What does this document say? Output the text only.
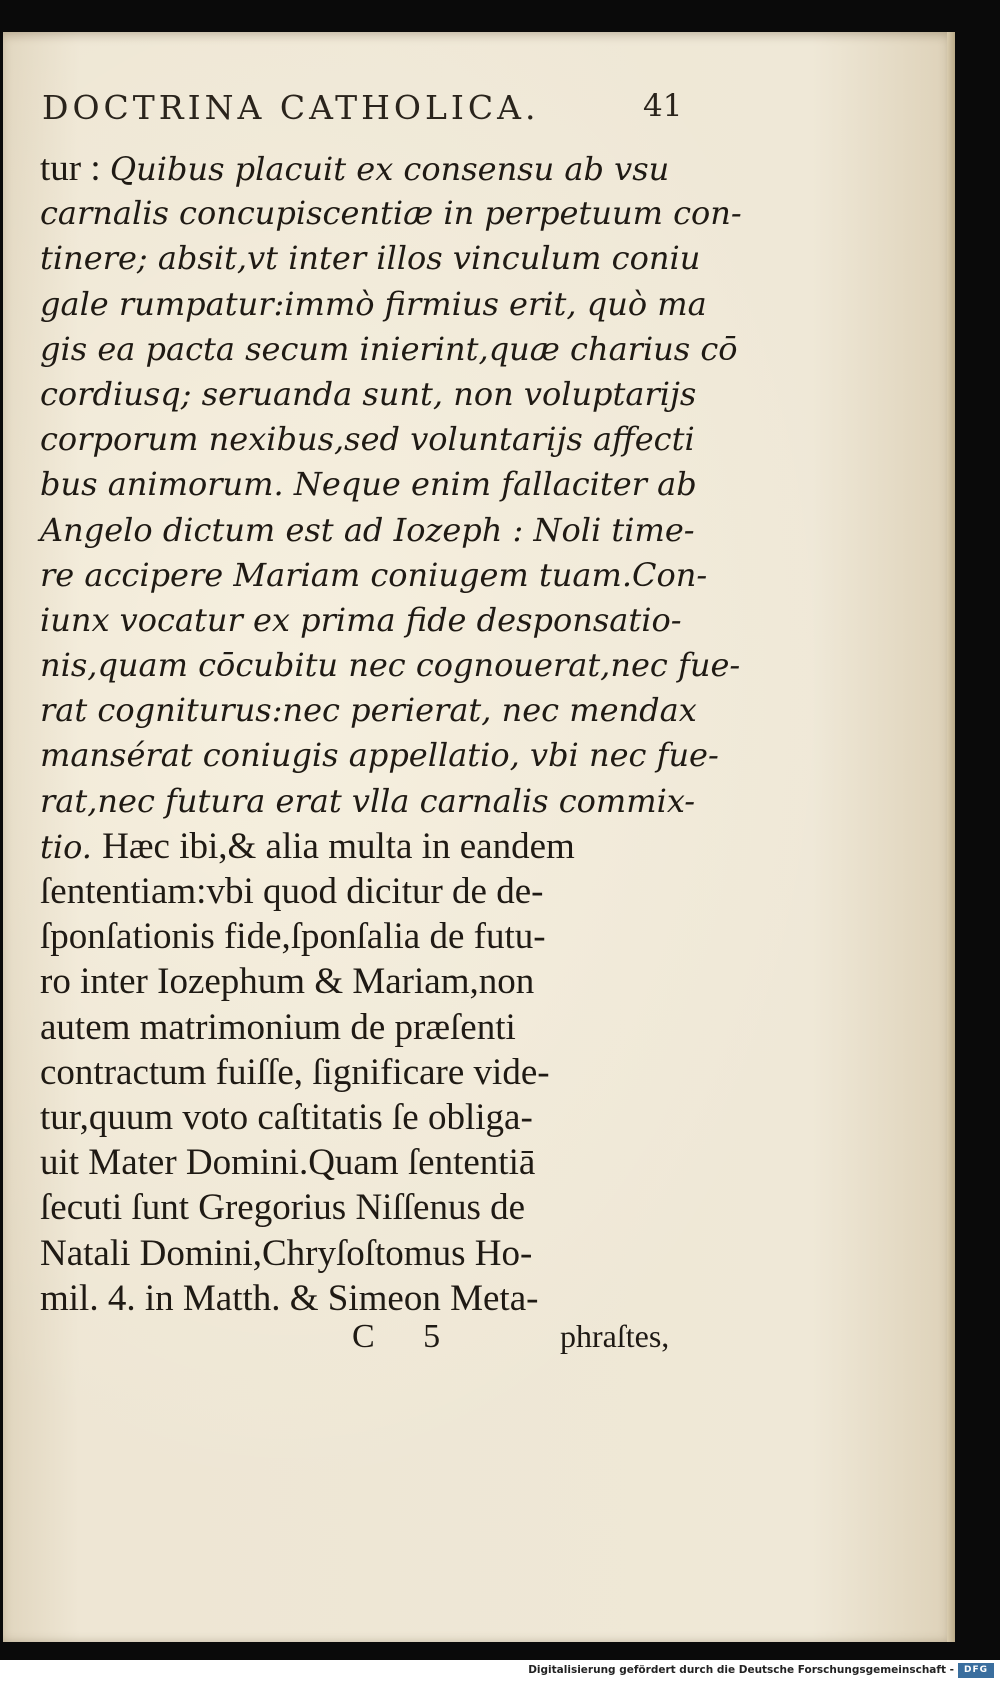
DOCTRINA CATHOLICA.	41
tur : Quibus placuit ex consensu ab vsu
carnalis concupiscentiæ in perpetuum con-
tinere; absit,vt inter illos vinculum coniu
gale rumpatur:immò firmius erit, quò ma
gis ea pacta secum inierint,quæ charius cō
cordiusq; seruanda sunt, non voluptarijs
corporum nexibus,sed voluntarijs affecti
bus animorum. Neque enim fallaciter ab
Angelo dictum est ad Iozeph : Noli time-
re accipere Mariam coniugem tuam.Con-
iunx vocatur ex prima fide desponsatio-
nis,quam cōcubitu nec cognouerat,nec fue-
rat cogniturus:nec perierat, nec mendax
mansérat coniugis appellatio, vbi nec fue-
rat,nec futura erat vlla carnalis commix-
tio. Hæc ibi,& alia multa in eandem
ſententiam:vbi quod dicitur de de-
ſponſationis fide,ſponſalia de futu-
ro inter Iozephum & Mariam,non
autem matrimonium de præſenti
contractum fuiſſe, ſignificare vide-
tur,quum voto caſtitatis ſe obliga-
uit Mater Domini.Quam ſententiā
ſecuti ſunt Gregorius Niſſenus de
Natali Domini,Chryſoſtomus Ho-
mil. 4. in Matth. & Simeon Meta-
C 5	phraſtes,
Digitalisierung gefördert durch die Deutsche Forschungsgemeinschaft -	DFG
